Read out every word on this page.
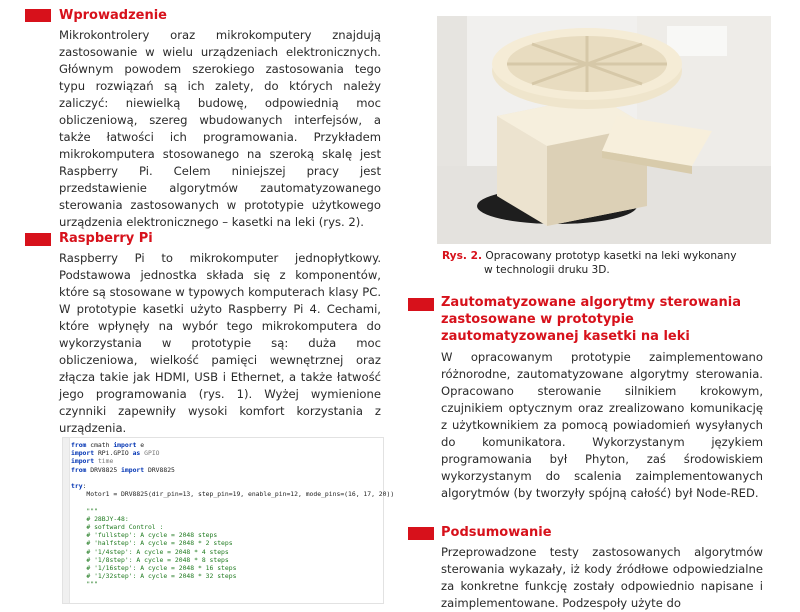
Wprowadzenie
Mikrokontrolery oraz mikrokomputery znajdują zastosowanie w wielu urządzeniach elektronicznych. Głównym powodem szerokiego zastosowania tego typu rozwiązań są ich zalety, do których należy zaliczyć: niewielką budowę, odpowiednią moc obliczeniową, szereg wbudowanych interfejsów, a także łatwości ich programowania. Przykładem mikrokomputera stosowanego na szeroką skalę jest Raspberry Pi. Celem niniejszej pracy jest przedstawienie algorytmów zautomatyzowanego sterowania zastosowanych w prototypie użytkowego urządzenia elektronicznego – kasetki na leki (rys. 2).
Raspberry Pi
Raspberry Pi to mikrokomputer jednopłytkowy. Podstawowa jednostka składa się z komponentów, które są stosowane w typowych komputerach klasy PC. W prototypie kasetki użyto Raspberry Pi 4. Cechami, które wpłynęły na wybór tego mikrokomputera do wykorzystania w prototypie są: duża moc obliczeniowa, wielkość pamięci wewnętrznej oraz złącza takie jak HDMI, USB i Ethernet, a także łatwość jego programowania (rys. 1). Wyżej wymienione czynniki zapewniły wysoki komfort korzystania z urządzenia.
from cmath import e
import RPi.GPIO as GPIO
import time
from DRV8825 import DRV8825

try:
Motor1 = DRV8825(dir_pin=13, step_pin=19, enable_pin=12, mode_pins=(16, 17, 20))

"""
# 28BJY-48:
# softward Control :
# 'fullstep': A cycle = 2048 steps
# 'halfstep': A cycle = 2048 * 2 steps
# '1/4step': A cycle = 2048 * 4 steps
# '1/8step': A cycle = 2048 * 8 steps
# '1/16step': A cycle = 2048 * 16 steps
# '1/32step': A cycle = 2048 * 32 steps
"""
Rys. 2. Opracowany prototyp kasetki na leki wykonany
w technologii druku 3D.
Zautomatyzowane algorytmy sterowania
zastosowane w prototypie
zautomatyzowanej kasetki na leki
W opracowanym prototypie zaimplementowano różnorodne, zautomatyzowane algorytmy sterowania. Opracowano sterowanie silnikiem krokowym, czujnikiem optycznym oraz zrealizowano komunikację z użytkownikiem za pomocą powiadomień wysyłanych do komunikatora. Wykorzystanym językiem programowania był Phyton, zaś środowiskiem wykorzystanym do scalenia zaimplementowanych algorytmów (by tworzyły spójną całość) był Node-RED.
Podsumowanie
Przeprowadzone testy zastosowanych algorytmów sterowania wykazały, iż kody źródłowe odpowiedzialne za konkretne funkcję zostały odpowiednio napisane i zaimplementowane. Podzespoły użyte do
